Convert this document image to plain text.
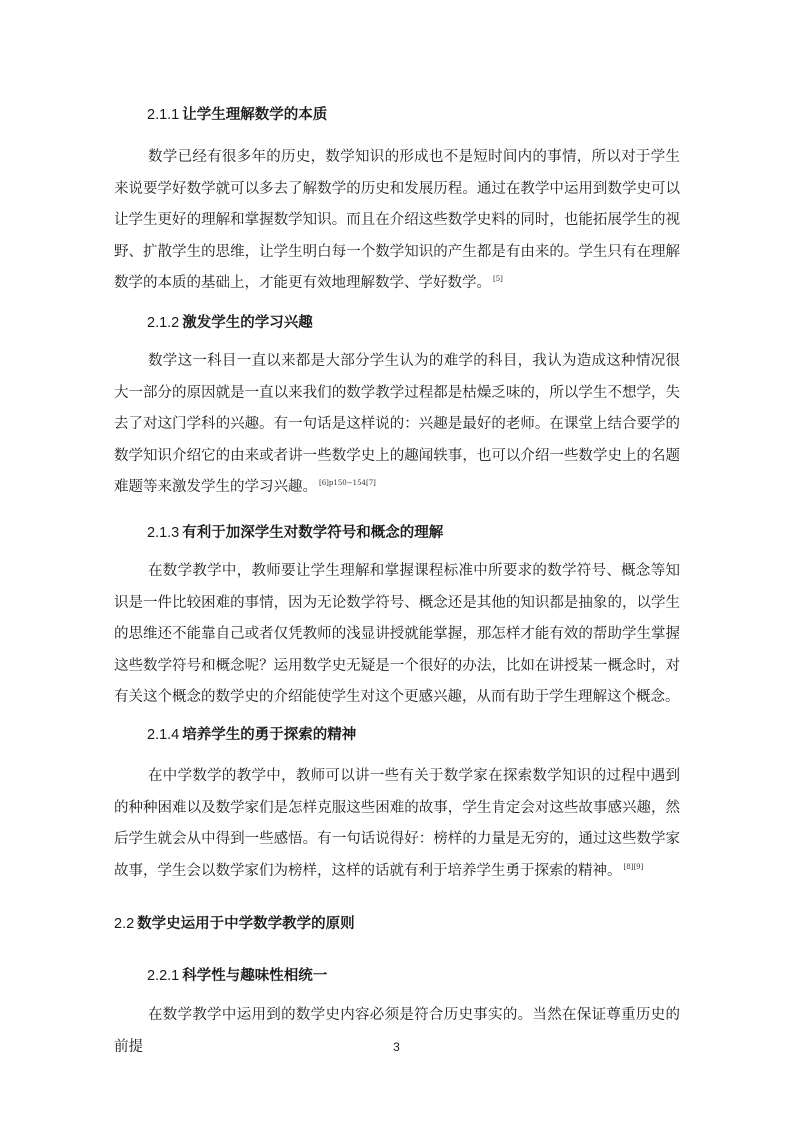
2.1.1 让学生理解数学的本质

数学已经有很多年的历史，数学知识的形成也不是短时间内的事情，所以对于学生来说要学好数学就可以多去了解数学的历史和发展历程。通过在教学中运用到数学史可以让学生更好的理解和掌握数学知识。而且在介绍这些数学史料的同时，也能拓展学生的视野、扩散学生的思维，让学生明白每一个数学知识的产生都是有由来的。学生只有在理解数学的本质的基础上，才能更有效地理解数学、学好数学。 [5]

2.1.2 激发学生的学习兴趣

数学这一科目一直以来都是大部分学生认为的难学的科目，我认为造成这种情况很大一部分的原因就是一直以来我们的数学教学过程都是枯燥乏味的，所以学生不想学，失去了对这门学科的兴趣。有一句话是这样说的：兴趣是最好的老师。在课堂上结合要学的数学知识介绍它的由来或者讲一些数学史上的趣闻轶事，也可以介绍一些数学史上的名题难题等来激发学生的学习兴趣。 [6]p150−154[7]

2.1.3 有利于加深学生对数学符号和概念的理解

在数学教学中，教师要让学生理解和掌握课程标准中所要求的数学符号、概念等知识是一件比较困难的事情，因为无论数学符号、概念还是其他的知识都是抽象的，以学生的思维还不能靠自己或者仅凭教师的浅显讲授就能掌握，那怎样才能有效的帮助学生掌握这些数学符号和概念呢？运用数学史无疑是一个很好的办法，比如在讲授某一概念时，对有关这个概念的数学史的介绍能使学生对这个更感兴趣，从而有助于学生理解这个概念。

2.1.4 培养学生的勇于探索的精神

在中学数学的教学中，教师可以讲一些有关于数学家在探索数学知识的过程中遇到的种种困难以及数学家们是怎样克服这些困难的故事，学生肯定会对这些故事感兴趣，然后学生就会从中得到一些感悟。有一句话说得好：榜样的力量是无穷的，通过这些数学家故事，学生会以数学家们为榜样，这样的话就有利于培养学生勇于探索的精神。 [8][9]

2.2 数学史运用于中学数学教学的原则
2.2.1 科学性与趣味性相统一

在数学教学中运用到的数学史内容必须是符合历史事实的。当然在保证尊重历史的前提	3
